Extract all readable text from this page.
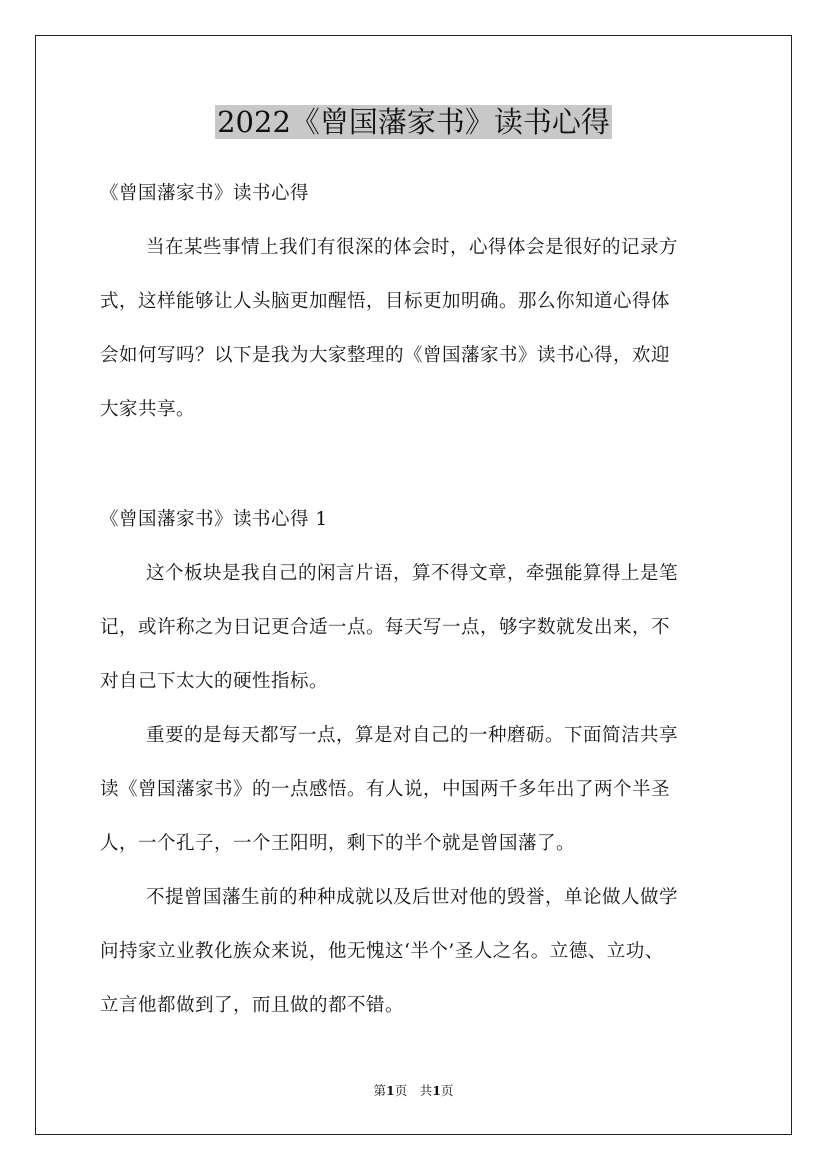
2022《曾国藩家书》读书心得
《曾国藩家书》读书心得
当在某些事情上我们有很深的体会时，心得体会是很好的记录方
式，这样能够让人头脑更加醒悟，目标更加明确。那么你知道心得体
会如何写吗？以下是我为大家整理的《曾国藩家书》读书心得，欢迎
大家共享。
《曾国藩家书》读书心得 1
这个板块是我自己的闲言片语，算不得文章，牵强能算得上是笔
记，或许称之为日记更合适一点。每天写一点，够字数就发出来，不
对自己下太大的硬性指标。
重要的是每天都写一点，算是对自己的一种磨砺。下面简洁共享
读《曾国藩家书》的一点感悟。有人说，中国两千多年出了两个半圣
人，一个孔子，一个王阳明，剩下的半个就是曾国藩了。
不提曾国藩生前的种种成就以及后世对他的毁誉，单论做人做学
问持家立业教化族众来说，他无愧这‘半个’圣人之名。立德、立功、
立言他都做到了，而且做的都不错。
第1页　共1页
